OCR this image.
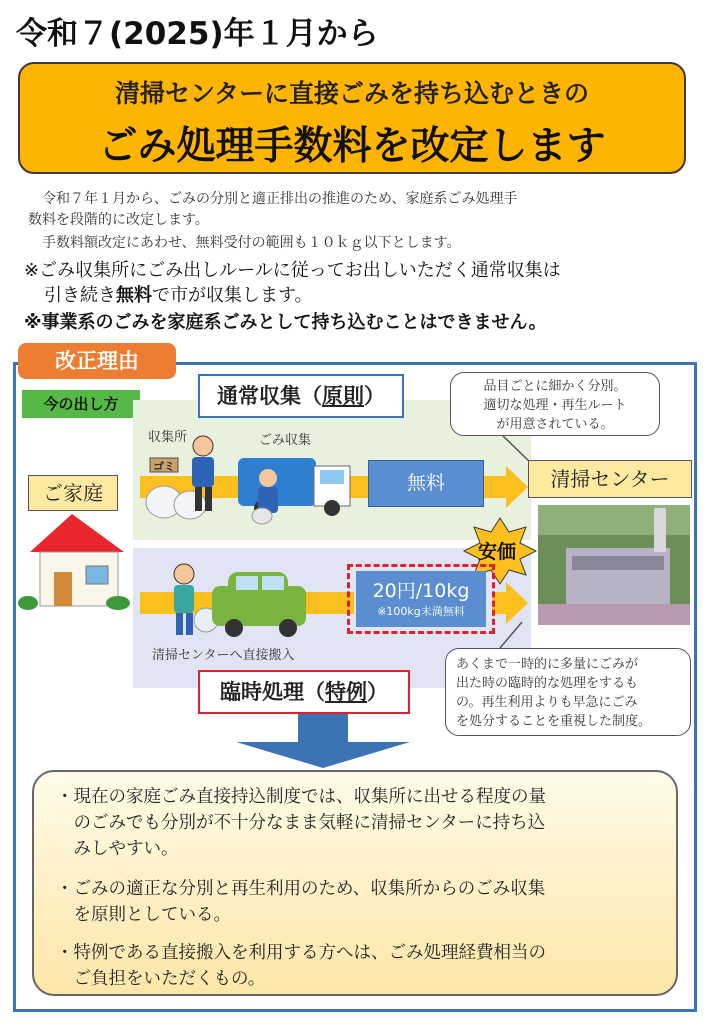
令和７(2025)年１月から
清掃センターに直接ごみを持ち込むときの
ごみ処理手数料を改定します
　令和７年１月から、ごみの分別と適正排出の推進のため、家庭系ごみ処理手
数料を段階的に改定します。
　手数料額改定にあわせ、無料受付の範囲も１０ｋｇ以下とします。
※ごみ収集所にごみ出しルールに従ってお出しいただく通常収集は
引き続き無料で市が収集します。
※事業系のごみを家庭系ごみとして持ち込むことはできません。
改正理由
今の出し方
収集所
ゴミ
ごみ収集
清掃センターへ直接搬入
通常収集（原則）
臨時処理（特例）
ご家庭
清掃センター
無料
20円/10kg
※100kg未満無料
安価
品目ごとに細かく分別。
適切な処理・再生ルート
が用意されている。
あくまで一時的に多量にごみが
出た時の臨時的な処理をするも
の。再生利用よりも早急にごみ
を処分することを重視した制度。
・現在の家庭ごみ直接持込制度では、収集所に出せる程度の量
　のごみでも分別が不十分なまま気軽に清掃センターに持ち込
　みしやすい。
・ごみの適正な分別と再生利用のため、収集所からのごみ収集
　を原則としている。
・特例である直接搬入を利用する方へは、ごみ処理経費相当の
　ご負担をいただくもの。
